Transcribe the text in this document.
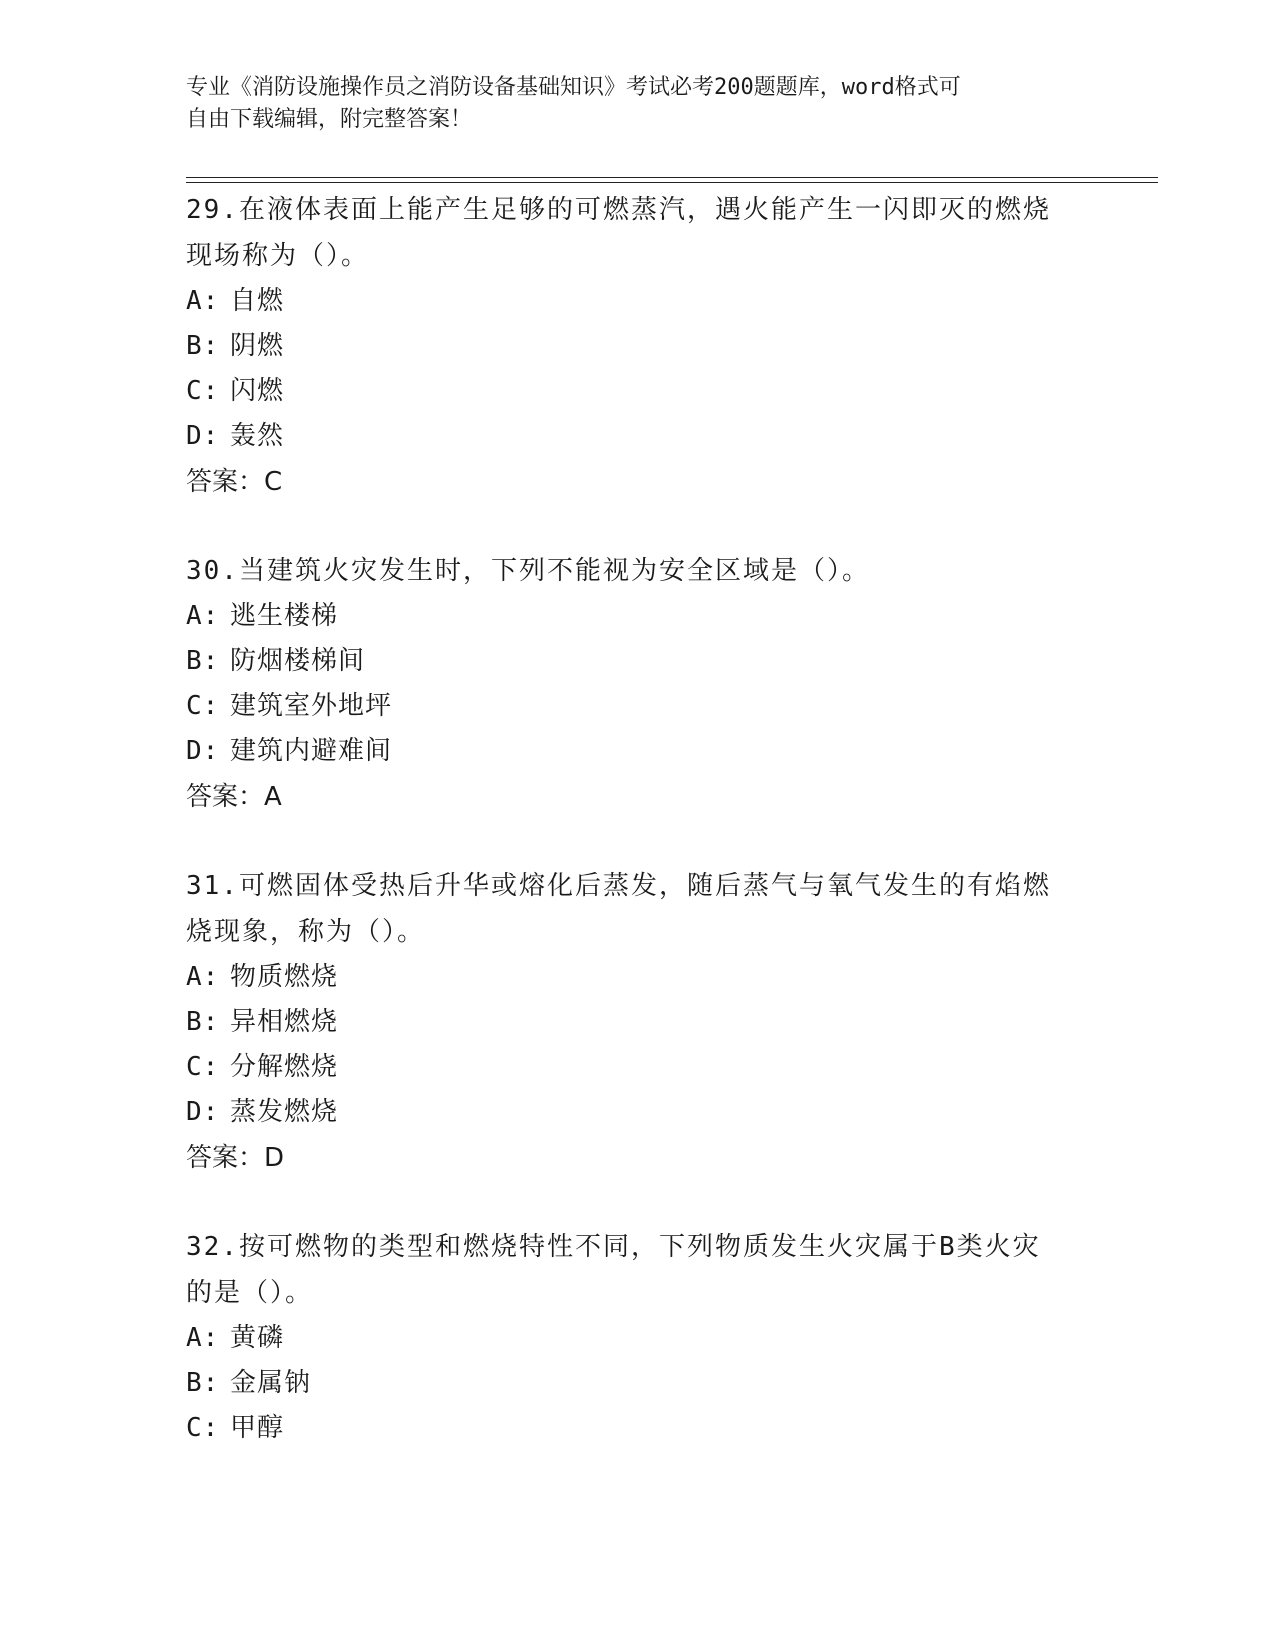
专业《消防设施操作员之消防设备基础知识》考试必考200题题库，word格式可
自由下载编辑，附完整答案！

29.在液体表面上能产生足够的可燃蒸汽，遇火能产生一闪即灭的燃烧
现场称为（）。

A: 自燃

B: 阴燃

C: 闪燃

D: 轰然

答案：C

30.当建筑火灾发生时，下列不能视为安全区域是（）。

A: 逃生楼梯

B: 防烟楼梯间

C: 建筑室外地坪

D: 建筑内避难间

答案：A

31.可燃固体受热后升华或熔化后蒸发，随后蒸气与氧气发生的有焰燃
烧现象，称为（）。

A: 物质燃烧

B: 异相燃烧

C: 分解燃烧

D: 蒸发燃烧

答案：D

32.按可燃物的类型和燃烧特性不同，下列物质发生火灾属于B类火灾
的是（）。

A: 黄磷

B: 金属钠

C: 甲醇
